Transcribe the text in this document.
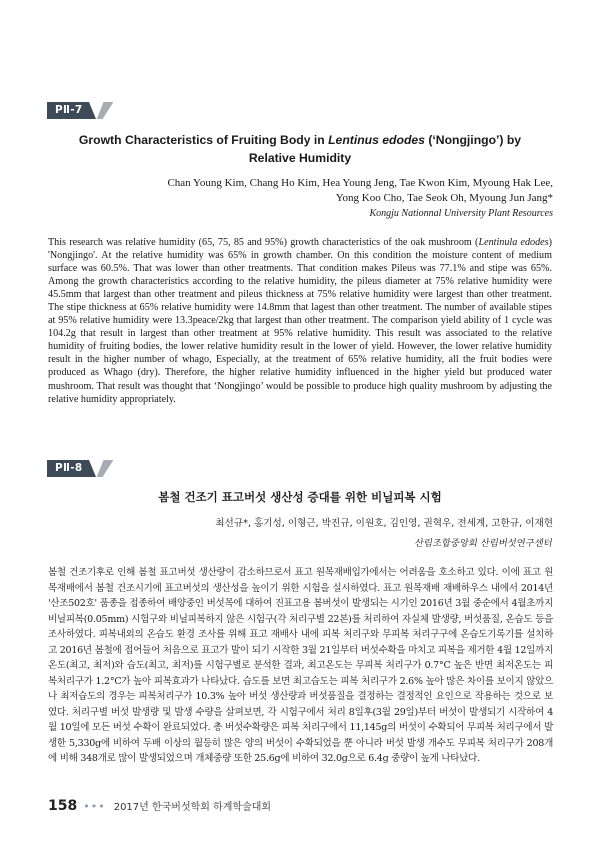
PⅡ-7

Growth Characteristics of Fruiting Body in Lentinus edodes (‘Nongjingo’) by Relative Humidity

Chan Young Kim, Chang Ho Kim, Hea Young Jeng, Tae Kwon Kim, Myoung Hak Lee,
Yong Koo Cho, Tae Seok Oh, Myoung Jun Jang*

Kongju Nationnal University Plant Resources

This research was relative humidity (65, 75, 85 and 95%) growth characteristics of the oak mushroom (Lentinula edodes) 'Nongjingo'. At the relative humidity was 65% in growth chamber. On this condition the moisture content of medium surface was 60.5%. That was lower than other treatments. That condition makes Pileus was 77.1% and stipe was 65%. Among the growth characteristics according to the relative humidity, the pileus diameter at 75% relative humidity were 45.5mm that largest than other treatment and pileus thickness at 75% relative humidity were largest than other treatment. The stipe thickness at 65% relative humidity were 14.8mm that lagest than other treatment. The number of available stipes at 95% relative humidity were 13.3peace/2kg that largest than other treatment. The comparison yield ability of 1 cycle was 104.2g that result in largest than other treatment at 95% relative humidity. This result was associated to the relative humidity of fruiting bodies, the lower relative humidity result in the lower of yield. However, the lower relative humidity result in the higher number of whago, Especially, at the treatment of 65% relative humidity, all the fruit bodies were produced as Whago (dry). Therefore, the higher relative humidity influenced in the higher yield but produced water mushroom. That result was thought that ‘Nongjingo’ would be possible to produce high quality mushroom by adjusting the relative humidity appropriately.

PⅡ-8

봄철 건조기 표고버섯 생산성 증대를 위한 비닐피복 시험

최선규*, 홍기성, 이형근, 박진규, 이원호, 김인영, 권혁우, 전세계, 고한규, 이재현

산림조합중앙회 산림버섯연구센터

봄철 건조기후로 인해 봄철 표고버섯 생산량이 감소하므로서 표고 원목재배입가에서는 어려움을 호소하고 있다. 이에 표고 원목재배에서 봄철 건조시기에 표고버섯의 생산성을 높이기 위한 시험을 실시하였다. 표고 원목재배 재배하우스 내에서 2014년 '산조502호' 품종을 접종하여 배양중인 버섯목에 대하여 진표고용 봄버섯이 발생되는 시기인 2016년 3월 중순에서 4월초까지 비닐피복(0.05mm) 시험구와 비닐피복하지 않은 시험구(각 처리구별 22본)를 처리하여 자실체 발생량, 버섯품질, 온습도 등을 조사하였다. 피복내외의 온습도 환경 조사를 위해 표고 재배사 내에 피복 처리구와 무피복 처리구구에 온습도기록기를 설치하고 2016년 봄철에 접어들어 처음으로 표고가 발이 되기 시작한 3월 21일부터 버섯수확을 마치고 피복을 제거한 4월 12일까지 온도(최고, 최저)와 습도(최고, 최저)를 시험구별로 분석한 결과, 최고온도는 무피복 처리구가 0.7°C 높은 반면 최저온도는 피복처리구가 1.2°C가 높아 피복효과가 나타났다. 습도를 보면 최고습도는 피복 처리구가 2.6% 높아 많은 차이를 보이지 않았으나 최저습도의 경우는 피복처리구가 10.3% 높아 버섯 생산량과 버섯품질을 결정하는 결정적인 요인으로 작용하는 것으로 보였다. 처리구별 버섯 발생량 및 발생 수량을 살펴보면, 각 시험구에서 처리 8일후(3월 29일)부터 버섯이 발생되기 시작하여 4월 10일에 모든 버섯 수확이 완료되었다. 총 버섯수확량은 피복 처리구에서 11,145g의 버섯이 수확되어 무피복 처리구에서 발생한 5,330g에 비하여 두배 이상의 월등히 많은 양의 버섯이 수확되었을 뿐 아니라 버섯 발생 개수도 무피복 처리구가 208개에 비해 348개로 많이 발생되었으며 개체중량 또한 25.6g에 비하여 32.0g으로 6.4g 중량이 높게 나타났다.

158 ••• 2017년 한국버섯학회 하계학술대회
